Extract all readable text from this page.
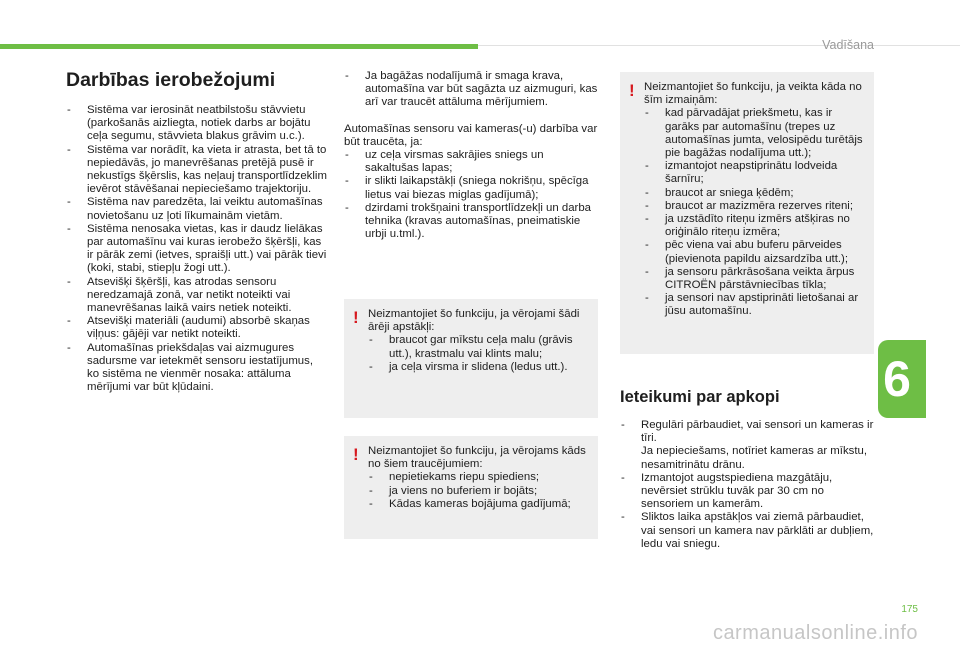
Vadīšana
6
Darbības ierobežojumi
- Sistēma var ierosināt neatbilstošu stāvvietu (parkošanās aizliegta, notiek darbs ar bojātu ceļa segumu, stāvvieta blakus grāvim u.c.).
- Sistēma var norādīt, ka vieta ir atrasta, bet tā to nepiedāvās, jo manevrēšanas pretējā pusē ir nekustīgs šķērslis, kas neļauj transportlīdzeklim ievērot stāvēšanai nepieciešamo trajektoriju.
- Sistēma nav paredzēta, lai veiktu automašīnas novietošanu uz ļoti līkumainām vietām.
- Sistēma nenosaka vietas, kas ir daudz lielākas par automašīnu vai kuras ierobežo šķēršļi, kas ir pārāk zemi (ietves, spraišļi utt.) vai pārāk tievi (koki, stabi, stiepļu žogi utt.).
- Atsevišķi šķēršļi, kas atrodas sensoru neredzamajā zonā, var netikt noteikti vai manevrēšanas laikā vairs netiek noteikti.
- Atsevišķi materiāli (audumi) absorbē skaņas viļņus: gājēji var netikt noteikti.
- Automašīnas priekšdaļas vai aizmugures sadursme var ietekmēt sensoru iestatījumus, ko sistēma ne vienmēr nosaka: attāluma mērījumi var būt kļūdaini.
- Ja bagāžas nodalījumā ir smaga krava, automašīna var būt sagāzta uz aizmuguri, kas arī var traucēt attāluma mērījumiem.

Automašīnas sensoru vai kameras(-u) darbība var būt traucēta, ja:

- uz ceļa virsmas sakrājies sniegs un sakaltušas lapas;
- ir slikti laikapstākļi (sniega nokrišņu, spēcīga lietus vai biezas miglas gadījumā);
- dzirdami trokšņaini transportlīdzekļi un darba tehnika (kravas automašīnas, pneimatiskie urbji u.tml.).
! Neizmantojiet šo funkciju, ja vērojami šādi ārēji apstākļi:

- braucot gar mīkstu ceļa malu (grāvis utt.), krastmalu vai klints malu;
- ja ceļa virsma ir slidena (ledus utt.).
! Neizmantojiet šo funkciju, ja vērojams kāds no šiem traucējumiem:

- nepietiekams riepu spiediens;
- ja viens no buferiem ir bojāts;
- Kādas kameras bojājuma gadījumā;
! Neizmantojiet šo funkciju, ja veikta kāda no šīm izmaiņām:

- kad pārvadājat priekšmetu, kas ir garāks par automašīnu (trepes uz automašīnas jumta, velosipēdu turētājs pie bagāžas nodalījuma utt.);
- izmantojot neapstiprinātu lodveida šarnīru;
- braucot ar sniega ķēdēm;
- braucot ar mazizmēra rezerves riteni;
- ja uzstādīto riteņu izmērs atšķiras no oriģinālo riteņu izmēra;
- pēc viena vai abu buferu pārveides (pievienota papildu aizsardzība utt.);
- ja sensoru pārkrāsošana veikta ārpus CITROËN pārstāvniecības tīkla;
- ja sensori nav apstiprināti lietošanai ar jūsu automašīnu.
Ieteikumi par apkopi
- Regulāri pārbaudiet, vai sensori un kameras ir tīri.
Ja nepieciešams, notīriet kameras ar mīkstu, nesamitrinātu drānu.
- Izmantojot augstspiediena mazgātāju, nevērsiet strūklu tuvāk par 30 cm no sensoriem un kamerām.
- Sliktos laika apstākļos vai ziemā pārbaudiet, vai sensori un kamera nav pārklāti ar dubļiem, ledu vai sniegu.
175
carmanualsonline.info
